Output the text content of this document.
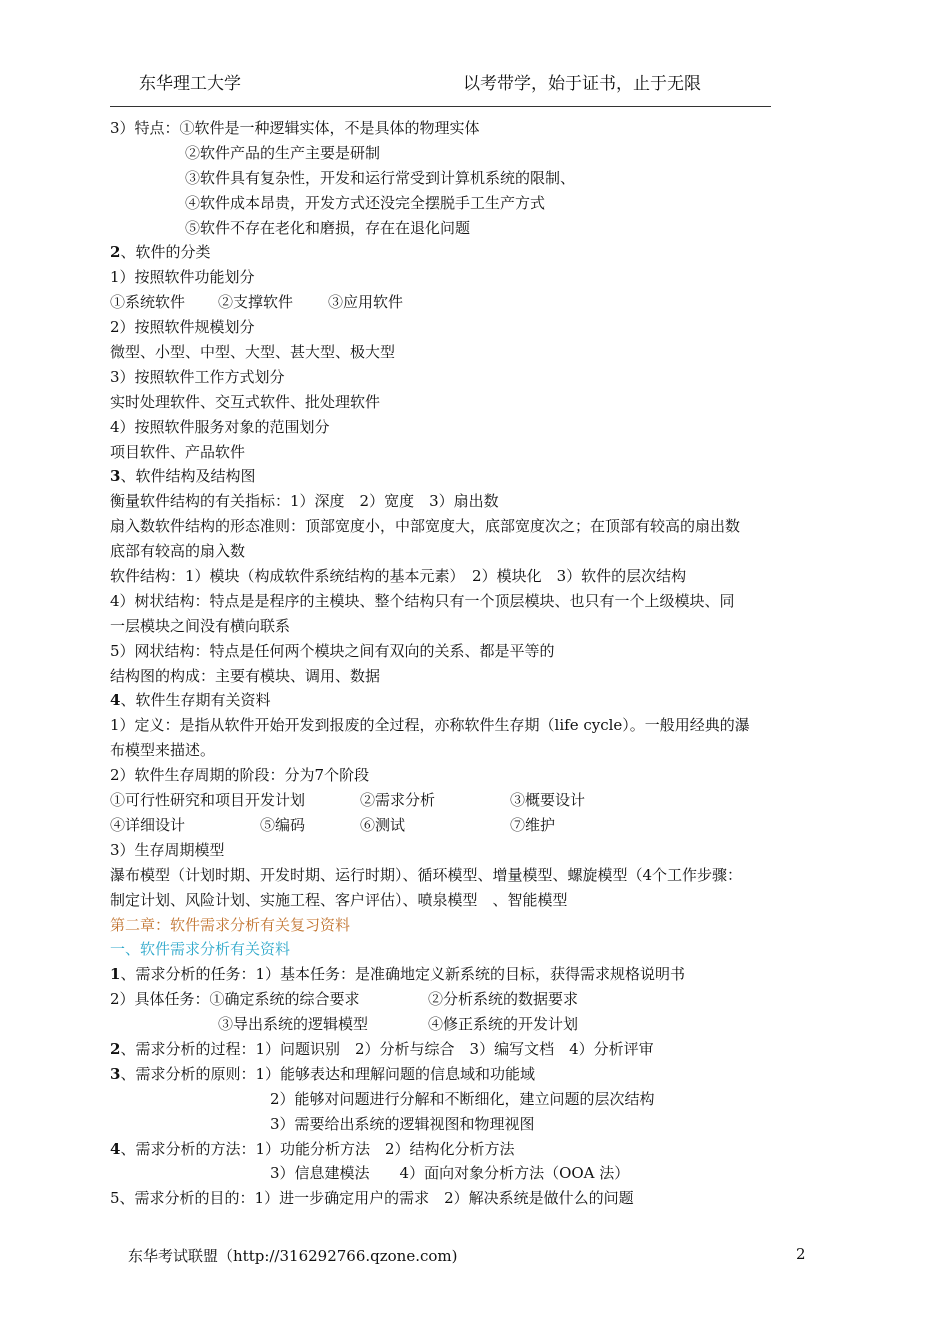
东华理工大学	以考带学，始于证书，止于无限
3）特点：①软件是一种逻辑实体，不是具体的物理实体
②软件产品的生产主要是研制
③软件具有复杂性，开发和运行常受到计算机系统的限制、
④软件成本昂贵，开发方式还没完全摆脱手工生产方式
⑤软件不存在老化和磨损，存在在退化问题
2、软件的分类
1）按照软件功能划分
①系统软件 ②支撑软件 ③应用软件
2）按照软件规模划分
微型、小型、中型、大型、甚大型、极大型
3）按照软件工作方式划分
实时处理软件、交互式软件、批处理软件
4）按照软件服务对象的范围划分
项目软件、产品软件
3、软件结构及结构图
衡量软件结构的有关指标：1）深度　2）宽度　3）扇出数
扇入数软件结构的形态准则：顶部宽度小，中部宽度大，底部宽度次之；在顶部有较高的扇出数
底部有较高的扇入数
软件结构：1）模块（构成软件系统结构的基本元素）　2）模块化　3）软件的层次结构
4）树状结构：特点是是程序的主模块、整个结构只有一个顶层模块、也只有一个上级模块、同
一层模块之间没有横向联系
5）网状结构：特点是任何两个模块之间有双向的关系、都是平等的
结构图的构成：主要有模块、调用、数据
4、软件生存期有关资料
1）定义：是指从软件开始开发到报废的全过程，亦称软件生存期（life cycle）。一般用经典的瀑
布模型来描述。
2）软件生存周期的阶段：分为7个阶段
①可行性研究和项目开发计划	②需求分析	③概要设计
④详细设计	⑤编码	⑥测试	⑦维护
3）生存周期模型
瀑布模型（计划时期、开发时期、运行时期）、循环模型、增量模型、螺旋模型（4个工作步骤：
制定计划、风险计划、实施工程、客户评估）、喷泉模型　、智能模型
第二章：软件需求分析有关复习资料
一、软件需求分析有关资料
1、需求分析的任务：1）基本任务：是准确地定义新系统的目标，获得需求规格说明书
2）具体任务：①确定系统的综合要求	②分析系统的数据要求
③导出系统的逻辑模型	④修正系统的开发计划
2、需求分析的过程：1）问题识别　2）分析与综合　3）编写文档　4）分析评审
3、需求分析的原则：1）能够表达和理解问题的信息域和功能域
2）能够对问题进行分解和不断细化，建立问题的层次结构
3）需要给出系统的逻辑视图和物理视图
4、需求分析的方法：1）功能分析方法　2）结构化分析方法
3）信息建模法　　4）面向对象分析方法（OOA 法）
5、需求分析的目的：1）进一步确定用户的需求　2）解决系统是做什么的问题
东华考试联盟（http://316292766.qzone.com)	2
